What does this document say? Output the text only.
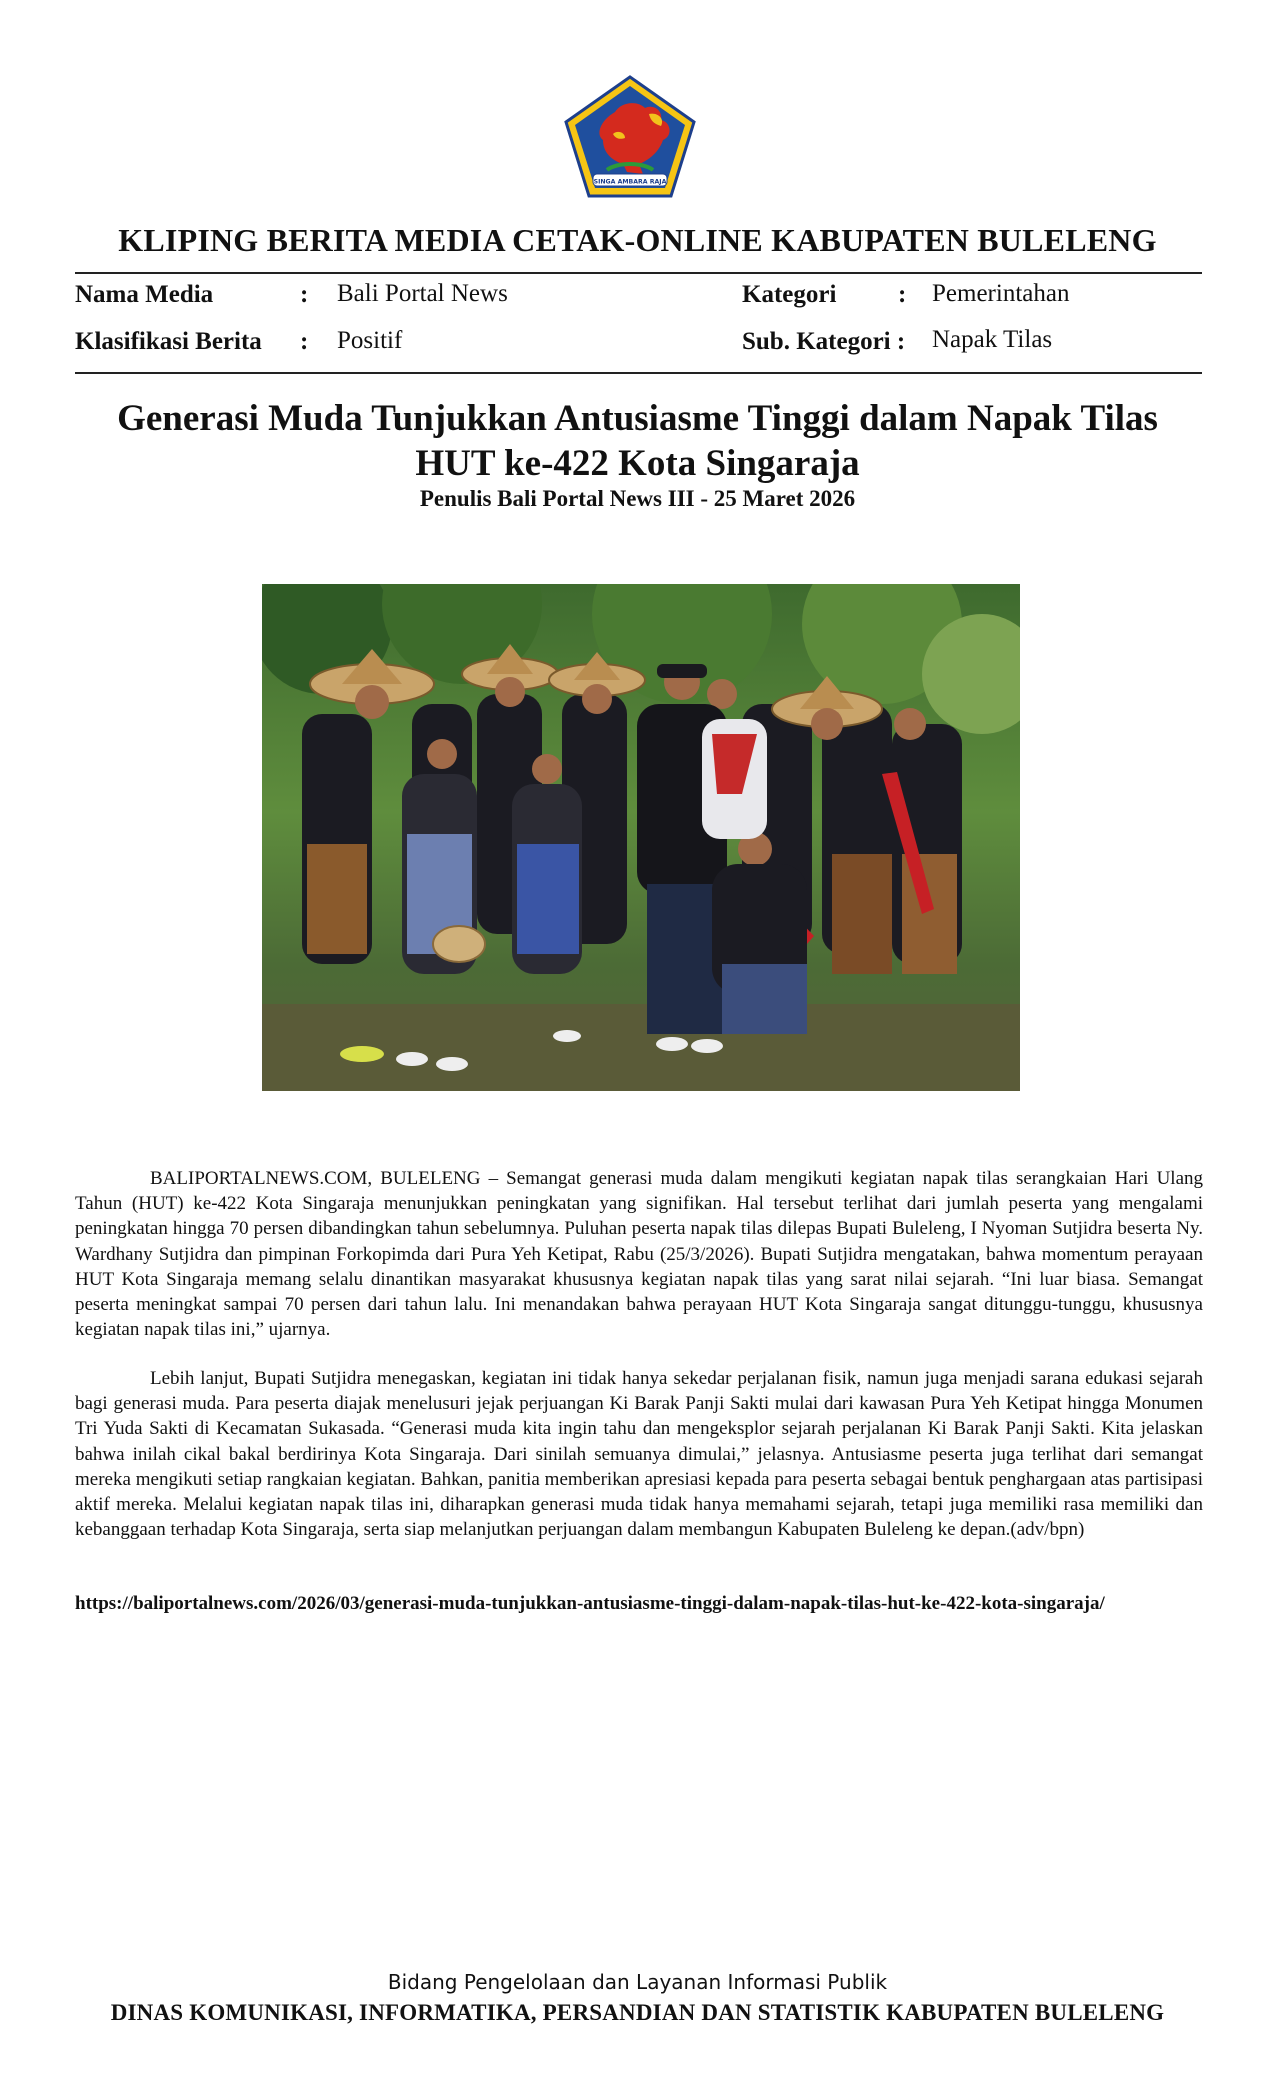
SINGA AMBARA RAJA
KLIPING BERITA MEDIA CETAK-ONLINE KABUPATEN BULELENG
Nama Media	: Bali Portal News	Kategori : Pemerintahan
Klasifikasi Berita : Positif	Sub. Kategori : Napak Tilas
Generasi Muda Tunjukkan Antusiasme Tinggi dalam Napak Tilas
HUT ke-422 Kota Singaraja
Penulis Bali Portal News III - 25 Maret 2026

BALIPORTALNEWS.COM, BULELENG – Semangat generasi muda dalam mengikuti kegiatan napak tilas serangkaian Hari Ulang Tahun (HUT) ke-422 Kota Singaraja menunjukkan peningkatan yang signifikan. Hal tersebut terlihat dari jumlah peserta yang mengalami peningkatan hingga 70 persen dibandingkan tahun sebelumnya. Puluhan peserta napak tilas dilepas Bupati Buleleng, I Nyoman Sutjidra beserta Ny. Wardhany Sutjidra dan pimpinan Forkopimda dari Pura Yeh Ketipat, Rabu (25/3/2026). Bupati Sutjidra mengatakan, bahwa momentum perayaan HUT Kota Singaraja memang selalu dinantikan masyarakat khususnya kegiatan napak tilas yang sarat nilai sejarah. “Ini luar biasa. Semangat peserta meningkat sampai 70 persen dari tahun lalu. Ini menandakan bahwa perayaan HUT Kota Singaraja sangat ditunggu-tunggu, khususnya kegiatan napak tilas ini,” ujarnya.

Lebih lanjut, Bupati Sutjidra menegaskan, kegiatan ini tidak hanya sekedar perjalanan fisik, namun juga menjadi sarana edukasi sejarah bagi generasi muda. Para peserta diajak menelusuri jejak perjuangan Ki Barak Panji Sakti mulai dari kawasan Pura Yeh Ketipat hingga Monumen Tri Yuda Sakti di Kecamatan Sukasada. “Generasi muda kita ingin tahu dan mengeksplor sejarah perjalanan Ki Barak Panji Sakti. Kita jelaskan bahwa inilah cikal bakal berdirinya Kota Singaraja. Dari sinilah semuanya dimulai,” jelasnya. Antusiasme peserta juga terlihat dari semangat mereka mengikuti setiap rangkaian kegiatan. Bahkan, panitia memberikan apresiasi kepada para peserta sebagai bentuk penghargaan atas partisipasi aktif mereka. Melalui kegiatan napak tilas ini, diharapkan generasi muda tidak hanya memahami sejarah, tetapi juga memiliki rasa memiliki dan kebanggaan terhadap Kota Singaraja, serta siap melanjutkan perjuangan dalam membangun Kabupaten Buleleng ke depan.(adv/bpn)

https://baliportalnews.com/2026/03/generasi-muda-tunjukkan-antusiasme-tinggi-dalam-napak-tilas-hut-ke-422-kota-singaraja/
Bidang Pengelolaan dan Layanan Informasi Publik
DINAS KOMUNIKASI, INFORMATIKA, PERSANDIAN DAN STATISTIK KABUPATEN BULELENG
